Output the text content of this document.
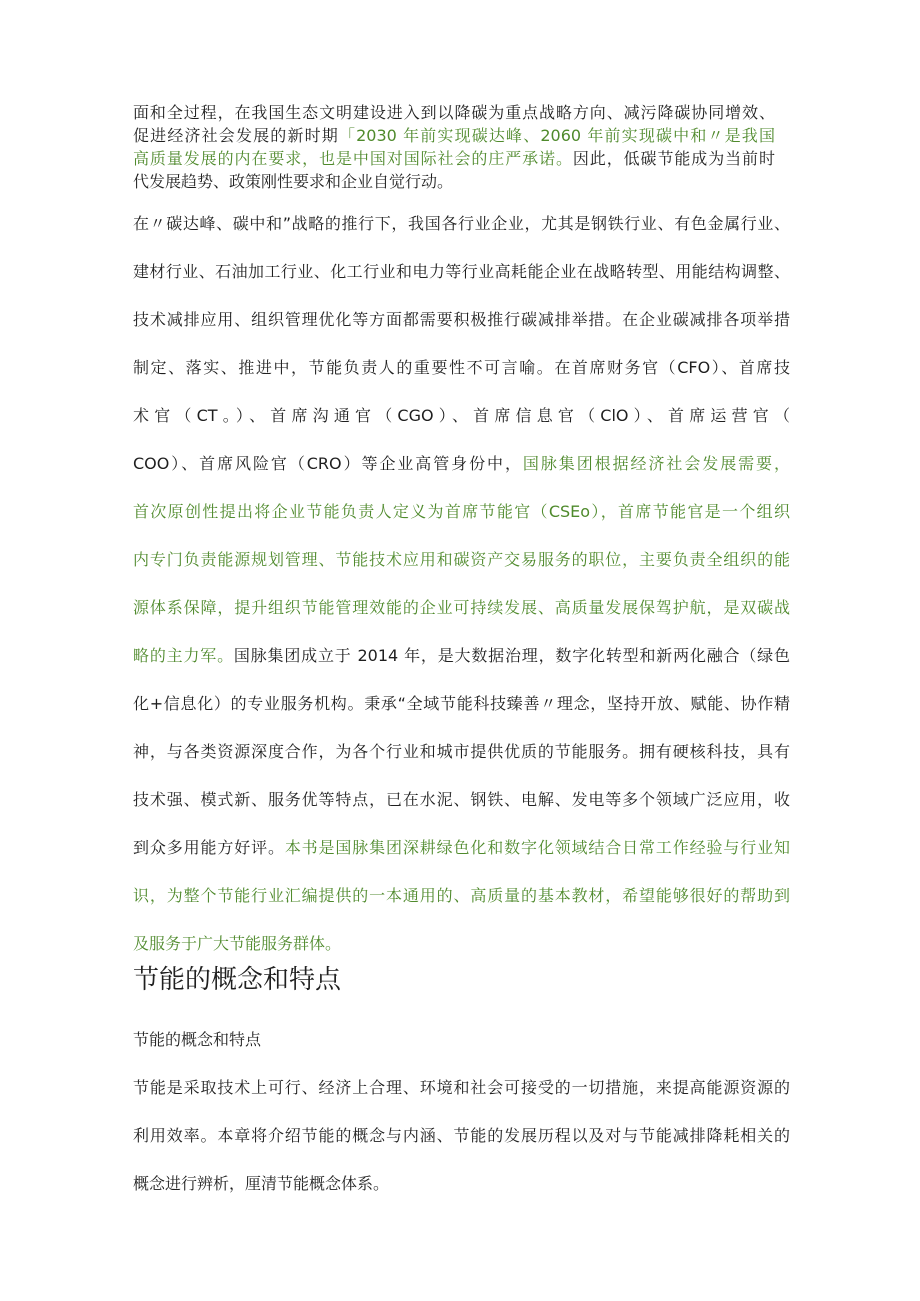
面和全过程，在我国生态文明建设进入到以降碳为重点战略方向、减污降碳协同增效、
促进经济社会发展的新时期「2030 年前实现碳达峰、2060 年前实现碳中和〃是我国
高质量发展的内在要求，也是中国对国际社会的庄严承诺。因此，低碳节能成为当前时
代发展趋势、政策刚性要求和企业自觉行动。
在〃碳达峰、碳中和”战略的推行下，我国各行业企业，尤其是钢铁行业、有色金属行业、
建材行业、石油加工行业、化工行业和电力等行业高耗能企业在战略转型、用能结构调整、
技术减排应用、组织管理优化等方面都需要积极推行碳减排举措。在企业碳减排各项举措
制定、落实、推进中，节能负责人的重要性不可言喻。在首席财务官（CFO）、首席技
术官（CT。）、首席沟通官（CGO）、首席信息官（ClO）、首席运营官（
COO）、首席风险官（CRO）等企业高管身份中，国脉集团根据经济社会发展需要，
首次原创性提出将企业节能负责人定义为首席节能官（CSEo），首席节能官是一个组织
内专门负责能源规划管理、节能技术应用和碳资产交易服务的职位，主要负责全组织的能
源体系保障，提升组织节能管理效能的企业可持续发展、高质量发展保驾护航，是双碳战
略的主力军。国脉集团成立于 2014 年，是大数据治理，数字化转型和新两化融合（绿色
化+信息化）的专业服务机构。秉承“全域节能科技臻善〃理念，坚持开放、赋能、协作精
神，与各类资源深度合作，为各个行业和城市提供优质的节能服务。拥有硬核科技，具有
技术强、模式新、服务优等特点，已在水泥、钢铁、电解、发电等多个领域广泛应用，收
到众多用能方好评。本书是国脉集团深耕绿色化和数字化领域结合日常工作经验与行业知
识，为整个节能行业汇编提供的一本通用的、高质量的基本教材，希望能够很好的帮助到
及服务于广大节能服务群体。
节能的概念和特点
节能的概念和特点
节能是采取技术上可行、经济上合理、环境和社会可接受的一切措施，来提高能源资源的
利用效率。本章将介绍节能的概念与内涵、节能的发展历程以及对与节能减排降耗相关的
概念进行辨析，厘清节能概念体系。
